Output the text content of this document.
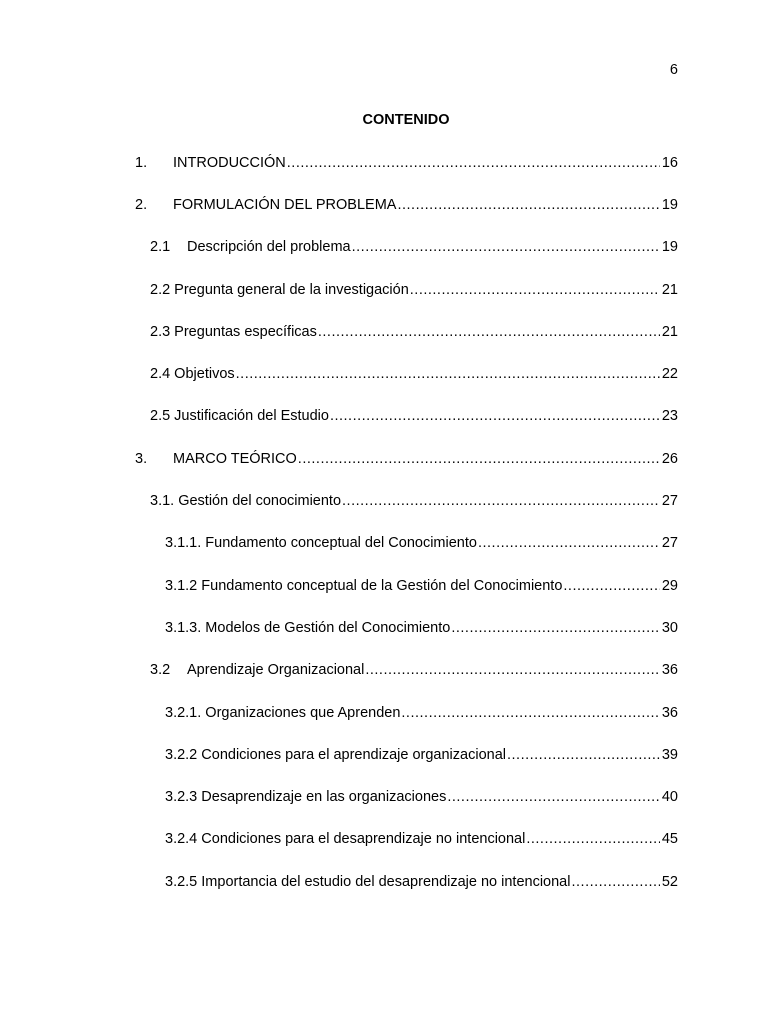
6
CONTENIDO
1.	INTRODUCCIÓN .....	16
2.	FORMULACIÓN DEL PROBLEMA .....	19
2.1	Descripción del problema .....	19
2.2 Pregunta general de la investigación .....	21
2.3 Preguntas específicas .....	21
2.4 Objetivos .....	22
2.5 Justificación del Estudio .....	23
3.	MARCO TEÓRICO .....	26
3.1. Gestión del conocimiento .....	27
3.1.1. Fundamento conceptual del Conocimiento .....	27
3.1.2 Fundamento conceptual de la Gestión del Conocimiento .....	29
3.1.3. Modelos de Gestión del Conocimiento .....	30
3.2	Aprendizaje Organizacional .....	36
3.2.1. Organizaciones que Aprenden .....	36
3.2.2 Condiciones para el aprendizaje organizacional .....	39
3.2.3 Desaprendizaje en las organizaciones .....	40
3.2.4 Condiciones para el desaprendizaje no intencional .....	45
3.2.5 Importancia del estudio del desaprendizaje no intencional .....	52
